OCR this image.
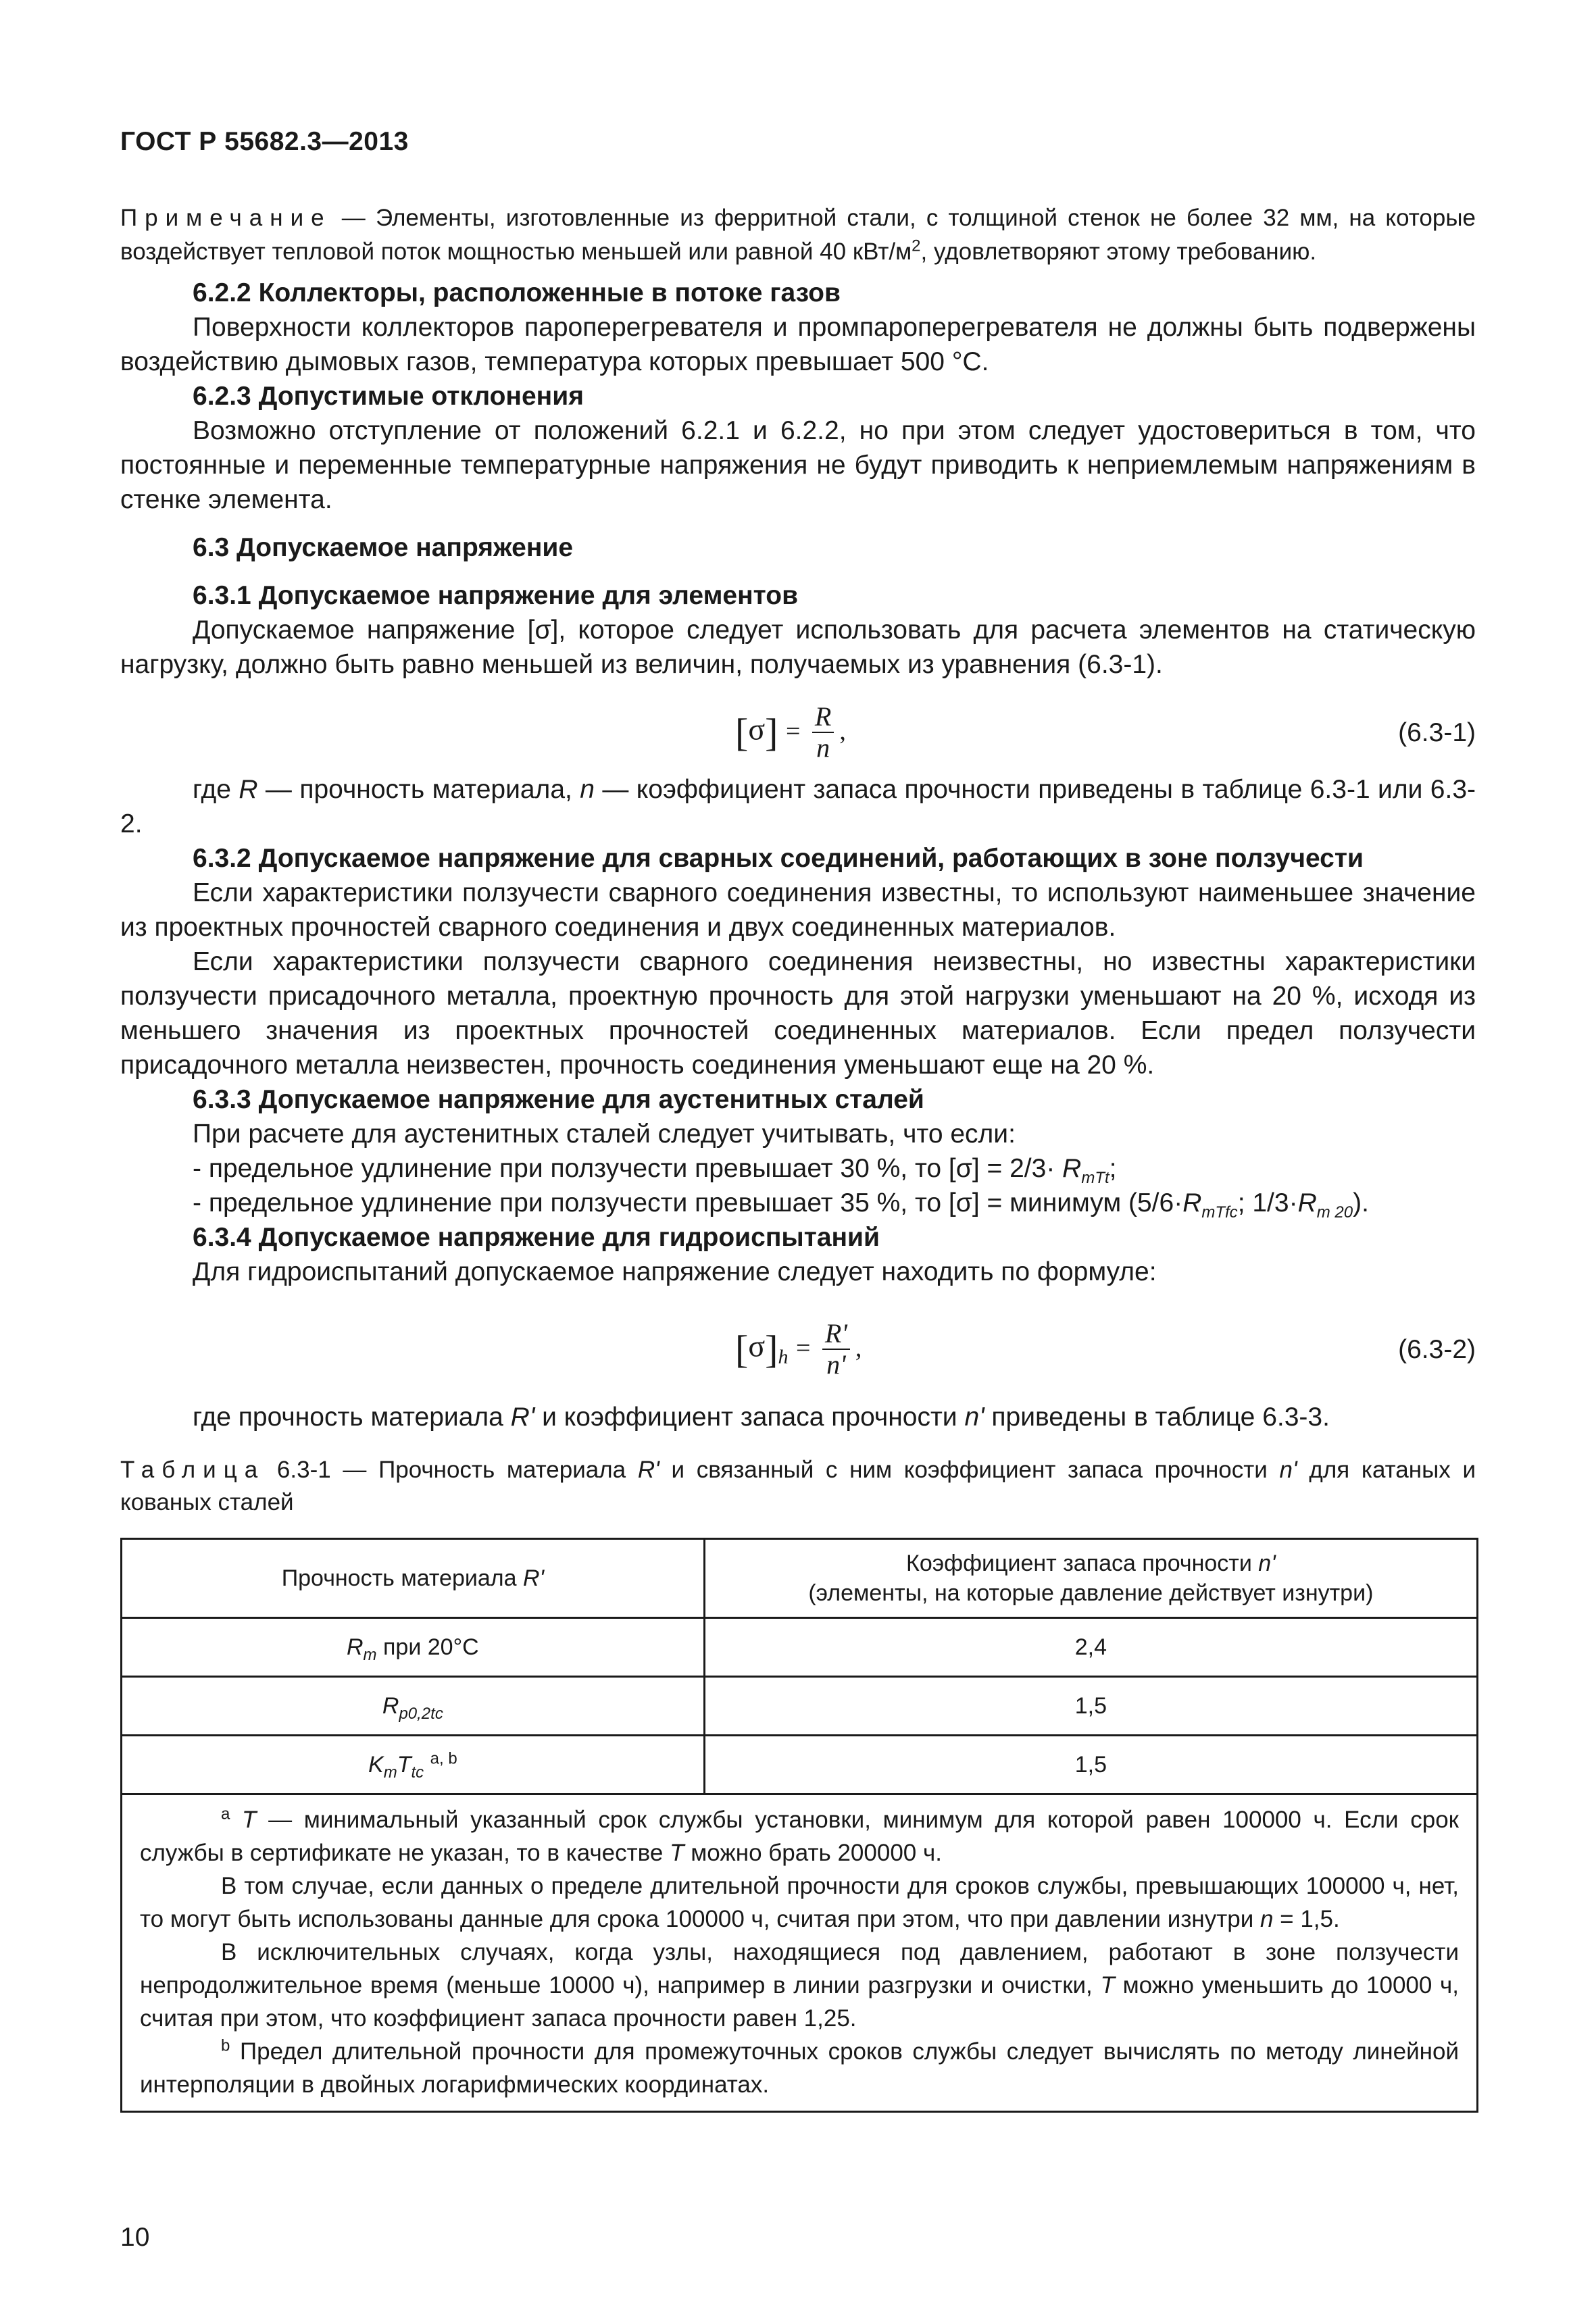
ГОСТ Р 55682.3—2013
Примечание — Элементы, изготовленные из ферритной стали, с толщиной стенок не более 32 мм, на которые воздействует тепловой поток мощностью меньшей или равной 40 кВт/$м^2$, удовлетворяют этому требованию.

6.2.2 Коллекторы, расположенные в потоке газов

Поверхности коллекторов пароперегревателя и промпароперегревателя не должны быть подвержены воздействию дымовых газов, температура которых превышает 500 °С.

6.2.3 Допустимые отклонения

Возможно отступление от положений 6.2.1 и 6.2.2, но при этом следует удостовериться в том, что постоянные и переменные температурные напряжения не будут приводить к неприемлемым напряжениям в стенке элемента.

6.3 Допускаемое напряжение

6.3.1 Допускаемое напряжение для элементов

Допускаемое напряжение [σ], которое следует использовать для расчета элементов на статическую нагрузку, должно быть равно меньшей из величин, получаемых из уравнения (6.3-1).

$[\sigma] = \frac{R}{n}$ ,	(6.3-1)

где R — прочность материала, n — коэффициент запаса прочности приведены в таблице 6.3-1 или 6.3-2.

6.3.2 Допускаемое напряжение для сварных соединений, работающих в зоне ползучести

Если характеристики ползучести сварного соединения известны, то используют наименьшее значение из проектных прочностей сварного соединения и двух соединенных материалов.

Если характеристики ползучести сварного соединения неизвестны, но известны характеристики ползучести присадочного металла, проектную прочность для этой нагрузки уменьшают на 20 %, исходя из меньшего значения из проектных прочностей соединенных материалов. Если предел ползучести присадочного металла неизвестен, прочность соединения уменьшают еще на 20 %.

6.3.3 Допускаемое напряжение для аустенитных сталей

При расчете для аустенитных сталей следует учитывать, что если:

- предельное удлинение при ползучести превышает 30 %, то $[\sigma] = 2/3\cdot R_{mTt}$;

- предельное удлинение при ползучести превышает 35 %, то [σ] = минимум ($5/6\cdot R_{mTfc}$; $1/3\cdot R_{m 20}$).

6.3.4 Допускаемое напряжение для гидроиспытаний

Для гидроиспытаний допускаемое напряжение следует находить по формуле:

$[\sigma]_h = \frac{R'}{n'}$ ,	(6.3-2)

где прочность материала R' и коэффициент запаса прочности n' приведены в таблице 6.3-3.

Таблица 6.3-1 — Прочность материала R' и связанный с ним коэффициент запаса прочности n' для катаных и кованых сталей
Прочность материала R'	Коэффициент запаса прочности n'
(элементы, на которые давление действует изнутри)
$R_m$ при 20°С	2,4
$R_{p0,2tc}$	1,5
$K_mT_{tc}$ $^{a, b}$	1,5

$^a$ T — минимальный указанный срок службы установки, минимум для которой равен 100000 ч. Если срок службы в сертификате не указан, то в качестве T можно брать 200000 ч.

В том случае, если данных о пределе длительной прочности для сроков службы, превышающих 100000 ч, нет, то могут быть использованы данные для срока 100000 ч, считая при этом, что при давлении изнутри n = 1,5.

В исключительных случаях, когда узлы, находящиеся под давлением, работают в зоне ползучести непродолжительное время (меньше 10000 ч), например в линии разгрузки и очистки, T можно уменьшить до 10000 ч, считая при этом, что коэффициент запаса прочности равен 1,25.

$^b$ Предел длительной прочности для промежуточных сроков службы следует вычислять по методу линейной интерполяции в двойных логарифмических координатах.	

10
